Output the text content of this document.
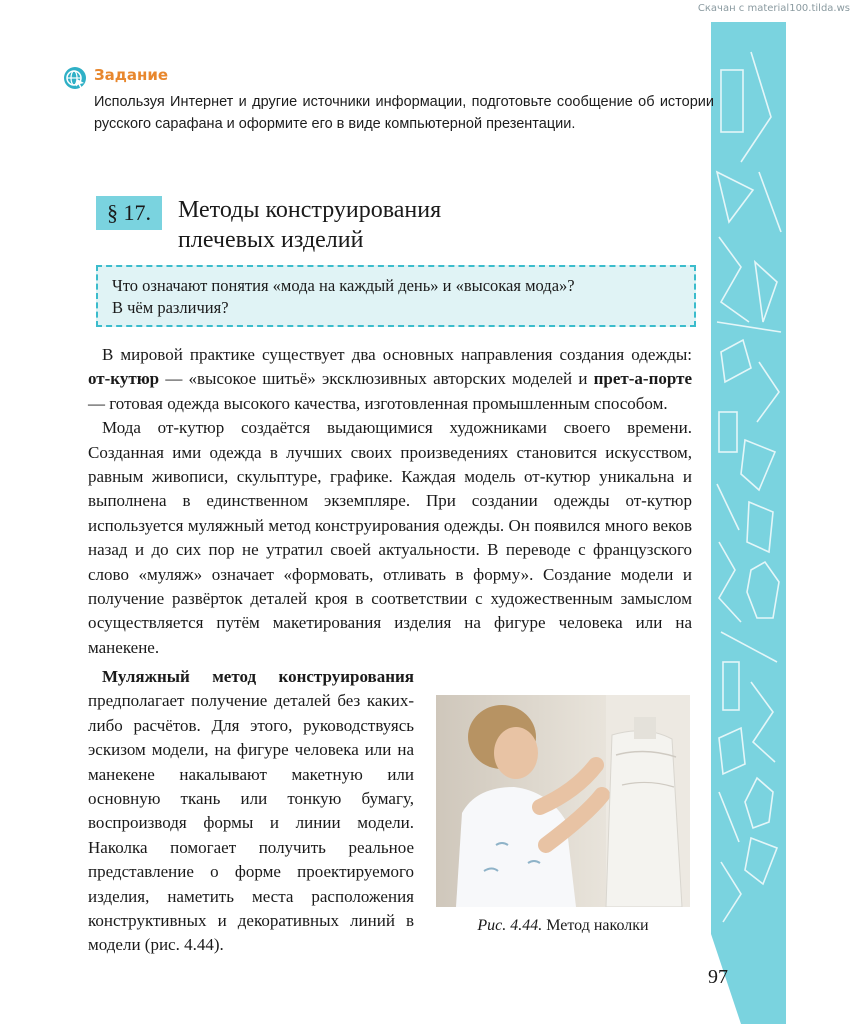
Скачан с material100.tilda.ws
Задание
Используя Интернет и другие источники информации, подготовьте сообщение об истории русского сарафана и оформите его в виде компьютерной презентации.
§ 17.	Методы конструирования
плечевых изделий
Что означают понятия «мода на каждый день» и «высокая мода»?
В чём различия?

В мировой практике существует два основных направления создания одежды: от-кутюр — «высокое шитьё» эксклюзивных авторских моделей и прет-а-порте — готовая одежда высокого качества, изготовленная промышленным способом.

Мода от-кутюр создаётся выдающимися художниками своего времени. Созданная ими одежда в лучших своих произведениях становится искусством, равным живописи, скульптуре, графике. Каждая модель от-кутюр уникальна и выполнена в единственном экземпляре. При создании одежды от-кутюр используется муляжный метод конструирования одежды. Он появился много веков назад и до сих пор не утратил своей актуальности. В переводе с французского слово «муляж» означает «формовать, отливать в форму». Создание модели и получение развёрток деталей кроя в соответствии с художественным замыслом осуществляется путём макетирования изделия на фигуре человека или на манекене.

Муляжный метод конструирования предполагает получение деталей без каких-либо расчётов. Для этого, руководствуясь эскизом модели, на фигуре человека или на манекене накалывают макетную или основную ткань или тонкую бумагу, воспроизводя формы и линии модели. Наколка помогает получить реальное представление о форме проектируемого изделия, наметить места расположения конструктивных и декоративных линий в модели (рис. 4.44).

Рис. 4.44. Метод наколки
97
